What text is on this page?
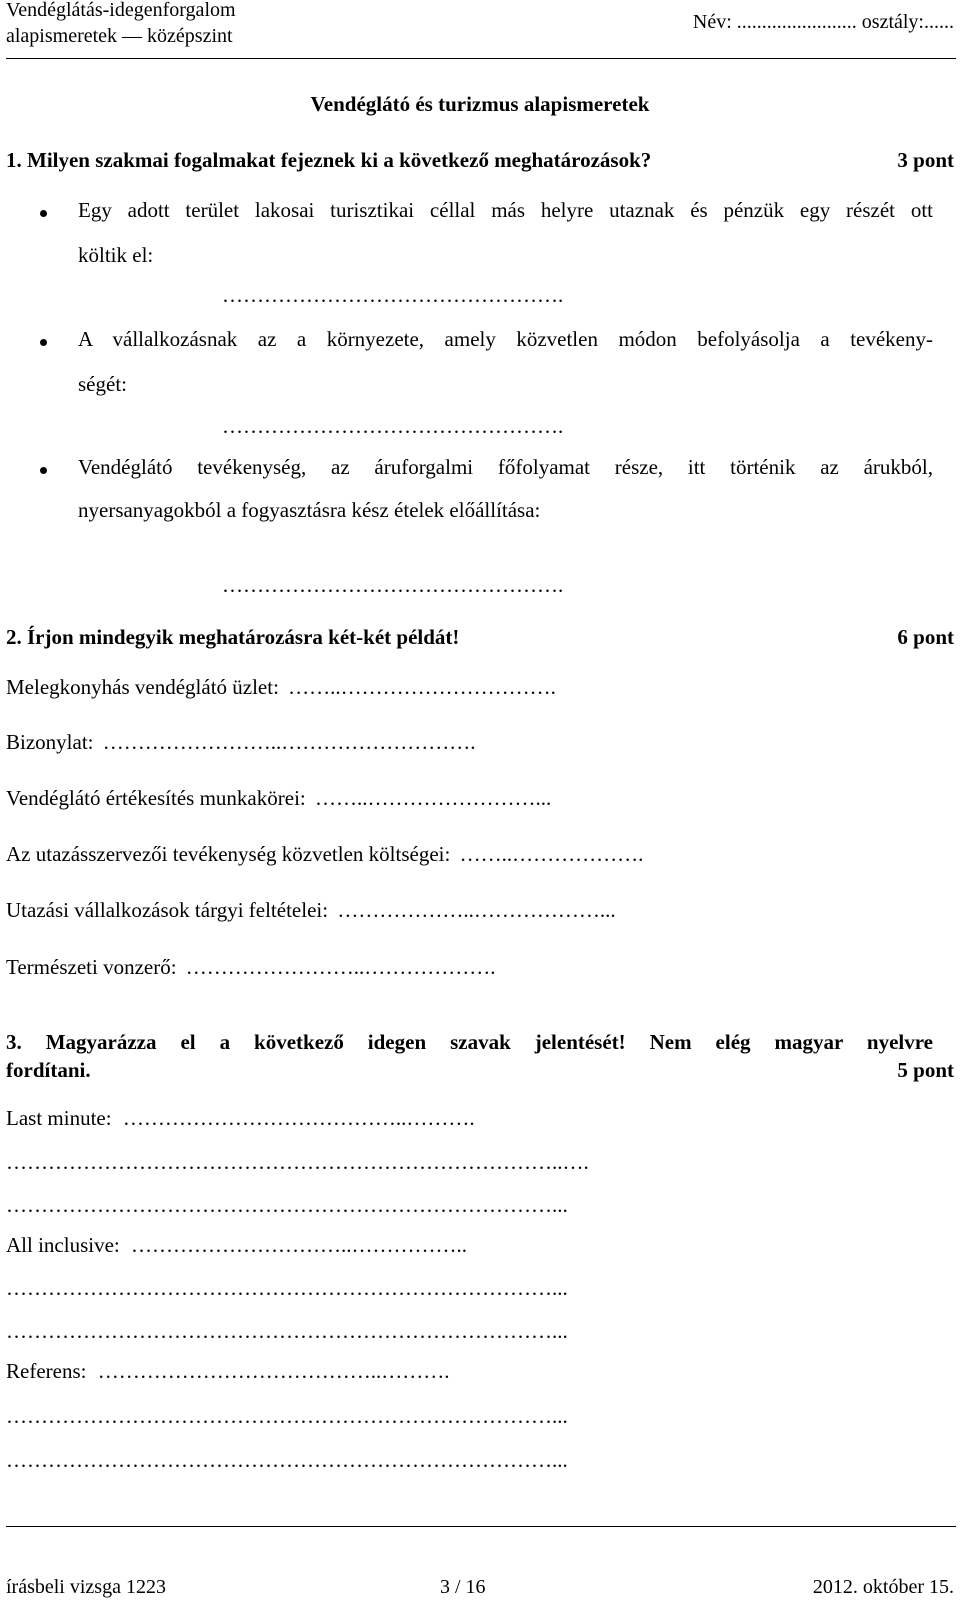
Vendéglátás-idegenforgalom
alapismeretek — középszint
Név: ........................ osztály:......
Vendéglátó és turizmus alapismeretek
1. Milyen szakmai fogalmakat fejeznek ki a következő meghatározások?	3 pont
Egy adott terület lakosai turisztikai céllal más helyre utaznak és pénzük egy részét ott
költik el:
………………………………………….
A vállalkozásnak az a környezete, amely közvetlen módon befolyásolja a tevékeny-
ségét:
………………………………………….
Vendéglátó tevékenység, az áruforgalmi főfolyamat része, itt történik az árukból,
nyersanyagokból a fogyasztásra kész ételek előállítása:
………………………………………….
2. Írjon mindegyik meghatározásra két-két példát!	6 pont
Melegkonyhás vendéglátó üzlet: ……..………………………….
Bizonylat: ……………………..……………………….
Vendéglátó értékesítés munkakörei: ……..……………………...
Az utazásszervezői tevékenység közvetlen költségei: ……..……………….
Utazási vállalkozások tárgyi feltételei: ………………..………………...
Természeti vonzerő: ……………………..……………….
3. Magyarázza el a következő idegen szavak jelentését! Nem elég magyar nyelvre
fordítani.	5 pont
Last minute: …………………………………..……….
……………………………………………………………………..….
……………………………………………………………………...
All inclusive: …………………………..……………..
……………………………………………………………………...
……………………………………………………………………...
Referens: …………………………………..……….
……………………………………………………………………...
……………………………………………………………………...
írásbeli vizsga 1223	3 / 16	2012. október 15.
